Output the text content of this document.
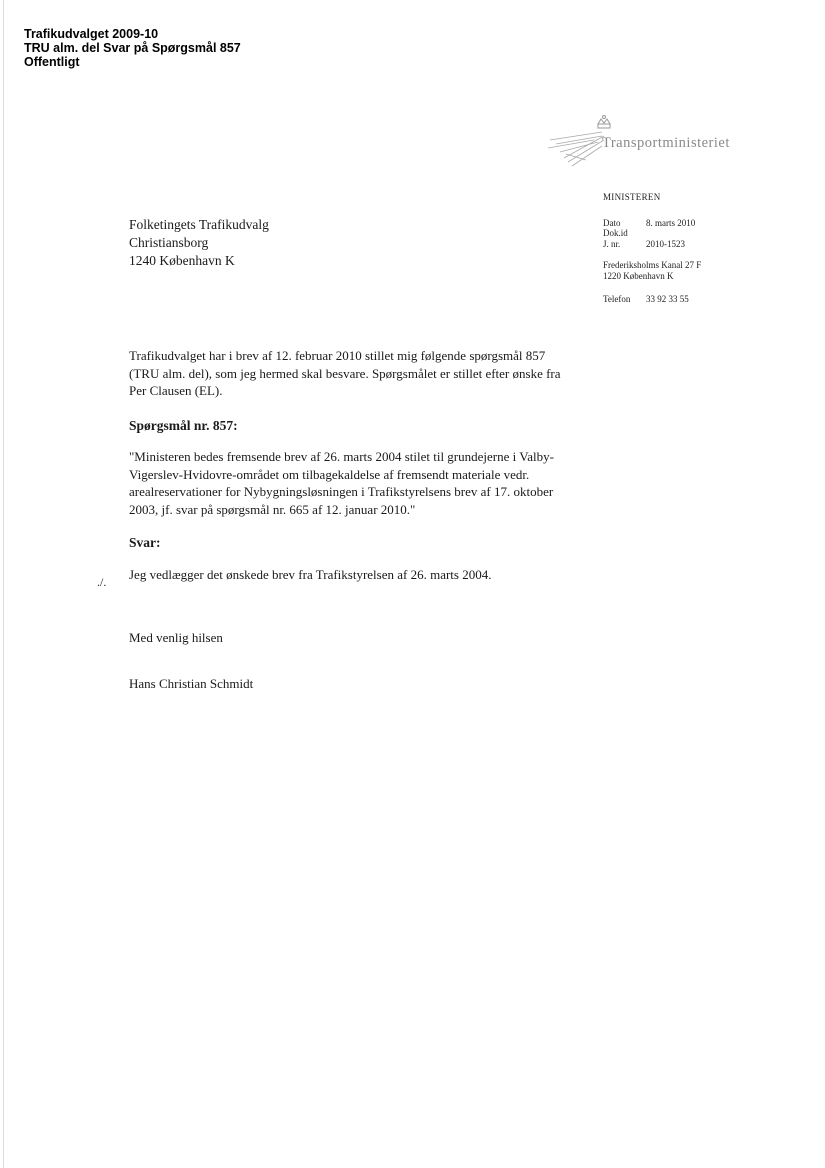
Trafikudvalget 2009-10
TRU alm. del Svar på Spørgsmål 857
Offentligt
Transportministeriet
MINISTEREN
Dato	8. marts 2010
Dok.id
J. nr.	2010-1523
Frederiksholms Kanal 27 F
1220 København K
Telefon 33 92 33 55
Folketingets Trafikudvalg
Christiansborg
1240 København K

Trafikudvalget har i brev af 12. februar 2010 stillet mig følgende spørgsmål 857 (TRU alm. del), som jeg hermed skal besvare. Spørgsmålet er stillet efter ønske fra Per Clausen (EL).

Spørgsmål nr. 857:

"Ministeren bedes fremsende brev af 26. marts 2004 stilet til grundejerne i Valby-Vigerslev-Hvidovre-området om tilbagekaldelse af fremsendt materiale vedr. arealreservationer for Nybygningsløsningen i Trafikstyrelsens brev af 17. oktober 2003, jf. svar på spørgsmål nr. 665 af 12. januar 2010."

Svar:

Jeg vedlægger det ønskede brev fra Trafikstyrelsen af 26. marts 2004.

Med venlig hilsen

Hans Christian Schmidt

./.
